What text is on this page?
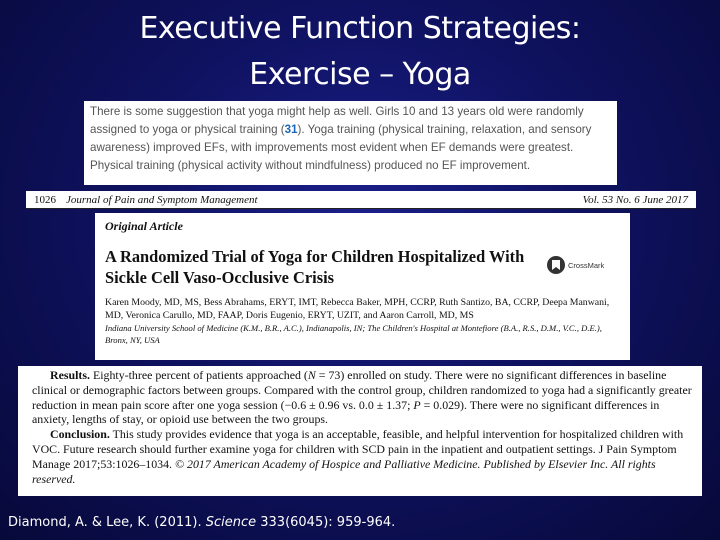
Executive Function Strategies:
Exercise – Yoga

There is some suggestion that yoga might help as well. Girls 10 and 13 years old were randomly assigned to yoga or physical training (31). Yoga training (physical training, relaxation, and sensory awareness) improved EFs, with improvements most evident when EF demands were greatest. Physical training (physical activity without mindfulness) produced no EF improvement.

1026 Journal of Pain and Symptom Management	Vol. 53 No. 6 June 2017
Original Article
A Randomized Trial of Yoga for Children Hospitalized With Sickle Cell Vaso-Occlusive Crisis
CrossMark
Karen Moody, MD, MS, Bess Abrahams, ERYT, IMT, Rebecca Baker, MPH, CCRP, Ruth Santizo, BA, CCRP, Deepa Manwani, MD, Veronica Carullo, MD, FAAP, Doris Eugenio, ERYT, UZIT, and Aaron Carroll, MD, MS
Indiana University School of Medicine (K.M., B.R., A.C.), Indianapolis, IN; The Children's Hospital at Montefiore (B.A., R.S., D.M., V.C., D.E.), Bronx, NY, USA

Results. Eighty-three percent of patients approached (N = 73) enrolled on study. There were no significant differences in baseline clinical or demographic factors between groups. Compared with the control group, children randomized to yoga had a significantly greater reduction in mean pain score after one yoga session (−0.6 ± 0.96 vs. 0.0 ± 1.37; P = 0.029). There were no significant differences in anxiety, lengths of stay, or opioid use between the two groups.

Conclusion. This study provides evidence that yoga is an acceptable, feasible, and helpful intervention for hospitalized children with VOC. Future research should further examine yoga for children with SCD pain in the inpatient and outpatient settings. J Pain Symptom Manage 2017;53:1026–1034. © 2017 American Academy of Hospice and Palliative Medicine. Published by Elsevier Inc. All rights reserved.

Diamond, A. & Lee, K. (2011). Science 333(6045): 959-964.
